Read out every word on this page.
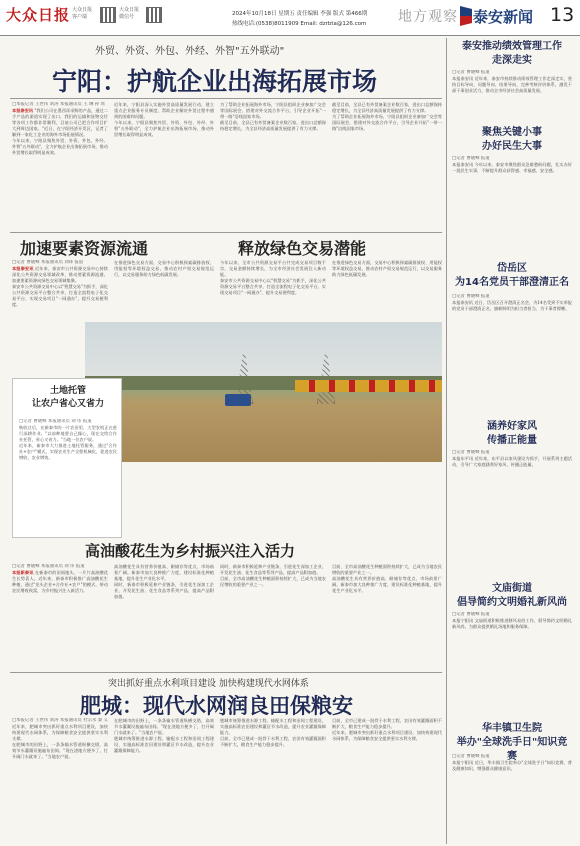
大众日报 大众日报
客户端
大众日报
微信号	2024年10月18日 星期五 责任编辑 李强 版式 第466期
热线电话:(0538)8011909 Email: dzrbta@126.com 地方观察 泰安新闻 13
外贸、外资、外包、外经、外智"五外联动"
宁阳：护航企业出海拓展市场
□本报记者 王世伟 刘涛 本报通讯员 王 琳 孙 瑶

本报泰安讯 "我们公司在墨西哥采购的产品，通过二手产品的渠道实现了出口，我们的运输和货物交付等各项工作都非常顺利，目前公司已把合作项目扩大到周边国家。"近日，在宁阳经济开发区，记者了解到一家化工企业的海外市场拓展情况。

今年以来，宁阳县聚焦外贸、外资、外包、外经、外智"五外联动"，全力护航企业出海拓展市场，推动外贸增长取得明显成效。

近年来，宁阳县深入实施外贸高质量发展行动，建立重点企业服务专员制度，帮助企业解决外贸过程中遇到的困难和问题。

今年以来，宁阳县聚焦外贸、外资、外包、外经、外智"五外联动"，全力护航企业出海拓展市场，推动外贸增长取得明显成效。

为了帮助企业拓展海外市场，宁阳县组织企业参加广交会等国际展会，搭建对外交流合作平台，引导企业开拓"一带一路"沿线国家市场。

截至目前，全县已有外贸备案企业数百家，进出口总额保持稳定增长，为全县经济高质量发展提供了有力支撑。

截至目前，全县已有外贸备案企业数百家，进出口总额保持稳定增长，为全县经济高质量发展提供了有力支撑。

为了帮助企业拓展海外市场，宁阳县组织企业参加广交会等国际展会，搭建对外交流合作平台，引导企业开拓"一带一路"沿线国家市场。

加速要素资源流通	释放绿色交易潜能
□记者 曹晓峰 本报通讯员 刘锋 报道

本报泰安讯 近年来，泰安市公共资源交易中心持续深化公共资源交易领域改革，推动要素资源流通，加速要素资源向绿色交易领域集聚。

泰安市公共资源交易中心以"智慧交易"为抓手，深化公共资源交易平台整合共享，打造全流程电子化交易平台，实现交易项目"一网通办"，提升交易便利度。

在推进绿色交易方面，交易中心积极探索碳排放权、用能权等环境权益交易，推动农村产权交易规范运行，以交易服务助力绿色低碳发展。

今年以来，全市公共资源交易平台共完成交易项目数千宗，交易金额持续增长，为全市经济社会发展注入新动能。

泰安市公共资源交易中心以"智慧交易"为抓手，深化公共资源交易平台整合共享，打造全流程电子化交易平台，实现交易项目"一网通办"，提升交易便利度。

在推进绿色交易方面，交易中心积极探索碳排放权、用能权等环境权益交易，推动农村产权交易规范运行，以交易服务助力绿色低碳发展。

土地托管
让农户省心又省力
□记者 曹晓峰 本报通讯员 刘 伟 报道

秋收过后，在新泰市的一片农田里，大型农机正在进行深耕作业。"以前种地要自己操心，现在交给合作社托管，省心又省力。"当地一位农户说。

近年来，新泰市大力推进土地托管服务，通过"合作社+农户"模式，实现农业生产全程机械化，促进农民增收、农业增效。

高油酸花生为乡村振兴注入活力
□记者 曹晓峰 本报通讯员 刘 伟 报道

本报新泰讯 在新泰市的田间地头，一片片高油酸花生长势喜人。近年来，新泰市积极推广高油酸花生种植，通过"龙头企业+合作社+农户"的模式，带动农民增收致富，为乡村振兴注入新活力。

高油酸花生具有营养价值高、耐储存等优点，市场前景广阔。新泰市加大良种推广力度，建设标准化种植基地，提升花生产业化水平。

同时，新泰市积极延伸产业链条，引进花生深加工企业，开发花生油、花生食品等系列产品，提高产品附加值。

同时，新泰市积极延伸产业链条，引进花生深加工企业，开发花生油、花生食品等系列产品，提高产品附加值。

目前，全市高油酸花生种植面积持续扩大，已成为当地农民增收的重要产业之一。

目前，全市高油酸花生种植面积持续扩大，已成为当地农民增收的重要产业之一。

高油酸花生具有营养价值高、耐储存等优点，市场前景广阔。新泰市加大良种推广力度，建设标准化种植基地，提升花生产业化水平。

突出抓好重点水利项目建设 加快构建现代水网体系
肥城：现代水网润良田保粮安
□本报记者 王世伟 刘涛 本报通讯员 杜宗永 秦 义

近年来，肥城市突出抓好重点水利项目建设，加快构建现代水网体系，为保障粮食安全提供坚实水利支撑。

在肥城市的田野上，一条条输水管道纵横交错，高效节水灌溉设施遍布田间。"现在浇地方便多了，打开阀门水就来了。"当地农户说。

在肥城市的田野上，一条条输水管道纵横交错，高效节水灌溉设施遍布田间。"现在浇地方便多了，打开阀门水就来了。"当地农户说。

肥城市统筹推进水源工程、输配水工程和田间工程建设，实施高标准农田建设和灌区节水改造，提升农业灌溉保障能力。

肥城市统筹推进水源工程、输配水工程和田间工程建设，实施高标准农田建设和灌区节水改造，提升农业灌溉保障能力。

目前，全市已建成一批骨干水利工程，农田有效灌溉面积不断扩大，粮食生产能力稳步提升。

目前，全市已建成一批骨干水利工程，农田有效灌溉面积不断扩大，粮食生产能力稳步提升。

近年来，肥城市突出抓好重点水利项目建设，加快构建现代水网体系，为保障粮食安全提供坚实水利支撑。

泰安推动绩效管理工作
走深走实
□记者 曹晓峰 报道

本报泰安讯 近年来，泰安市持续推动绩效管理工作走深走实，坚持目标导向、问题导向、结果导向，完善考核评价体系，激发干部干事创业活力，推动全市经济社会高质量发展。

聚焦关键小事
办好民生大事
□记者 曹晓峰 报道

本报泰安讯 今年以来，泰安市聚焦群众急难愁盼问题，扎实办好一批民生实事，不断提升群众获得感、幸福感、安全感。

岱岳区
为14名党员干部澄清正名
□记者 曹晓峰 报道

本报泰安讯 近日，岱岳区召开澄清正名会，为14名受到不实举报的党员干部澄清正名，旗帜鲜明为担当者担当、为干事者撑腰。

涵养好家风
传播正能量
□记者 曹晓峰 报道

本报东平讯 近年来，东平县以家风建设为抓手，开展系列主题活动，引导广大家庭涵养好家风、传播正能量。

文庙街道
倡导简约文明婚礼新风尚
□记者 曹晓峰 报道

本报宁阳讯 文庙街道积极推进移风易俗工作，倡导简约文明婚礼新风尚，为群众提供婚礼场地和服务保障。

华丰镇卫生院
举办"全球洗手日"知识竞赛
□记者 曹晓峰 报道

本报宁阳讯 近日，华丰镇卫生院举办"全球洗手日"知识竞赛，普及健康知识，增强群众健康意识。
